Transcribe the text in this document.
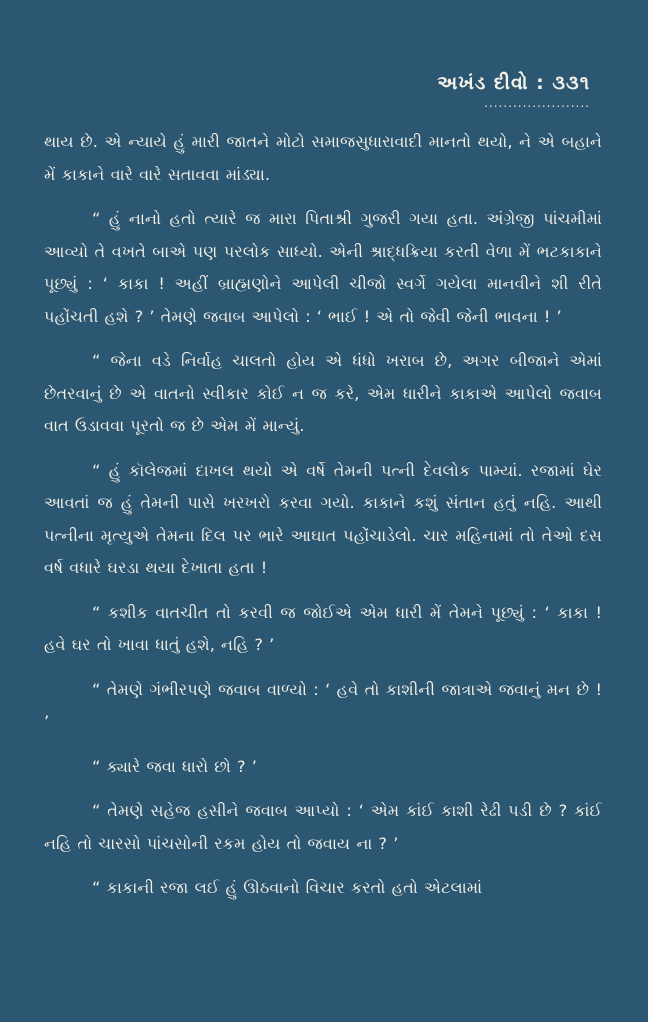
અખંડ દીવો : ૩૩૧
......................

થાય છે. એ ન્યાયે હું મારી જાતને મોટો સમાજસુધારાવાદી માનતો થયો, ને એ બહાને મેં કાકાને વારે વારે સતાવવા માંડ્યા.

“ હું નાનો હતો ત્યારે જ મારા પિતાશ્રી ગુજરી ગયા હતા. અંગ્રેજી પાંચમીમાં આવ્યો તે વખતે બાએ પણ પરલોક સાધ્યો. એની શ્રાદ્ધક્રિયા કરતી વેળા મેં ભટકાકાને પૂછ્યું : ‘ કાકા ! અહીં બ્રાહ્મણોને આપેલી ચીજો સ્વર્ગે ગયેલા માનવીને શી રીતે પહોંચતી હશે ? ’ તેમણે જવાબ આપેલો : ‘ ભાઈ ! એ તો જેવી જેની ભાવના ! ’

“ જેના વડે નિર્વાહ ચાલતો હોય એ ધંધો ખરાબ છે, અગર બીજાને એમાં છેતરવાનું છે એ વાતનો સ્વીકાર કોઈ ન જ કરે, એમ ધારીને કાકાએ આપેલો જવાબ વાત ઉડાવવા પૂરતો જ છે એમ મેં માન્યું.

“ હું કૉલેજમાં દાખલ થયો એ વર્ષે તેમની પત્ની દેવલોક પામ્યાં. રજામાં ઘેર આવતાં જ હું તેમની પાસે ખરખરો કરવા ગયો. કાકાને કશું સંતાન હતું નહિ. આથી પત્નીના મૃત્યુએ તેમના દિલ પર ભારે આઘાત પહોંચાડેલો. ચાર મહિનામાં તો તેઓ દસ વર્ષ વધારે ઘરડા થયા દેખાતા હતા !

“ કશીક વાતચીત તો કરવી જ જોઈએ એમ ધારી મેં તેમને પૂછ્યું : ‘ કાકા ! હવે ઘર તો ખાવા ધાતું હશે, નહિ ? ’

“ તેમણે ગંભીરપણે જવાબ વાળ્યો : ‘ હવે તો કાશીની જાત્રાએ જવાનું મન છે ! ’

“ ક્યારે જવા ધારો છો ? ’

“ તેમણે સહેજ હસીને જવાબ આપ્યો : ‘ એમ કાંઈ કાશી રેઢી પડી છે ? કાંઈ નહિ તો ચારસો પાંચસોની રકમ હોય તો જવાય ના ? ’

“ કાકાની રજા લઈ હું ઊઠવાનો વિચાર કરતો હતો એટલામાં
